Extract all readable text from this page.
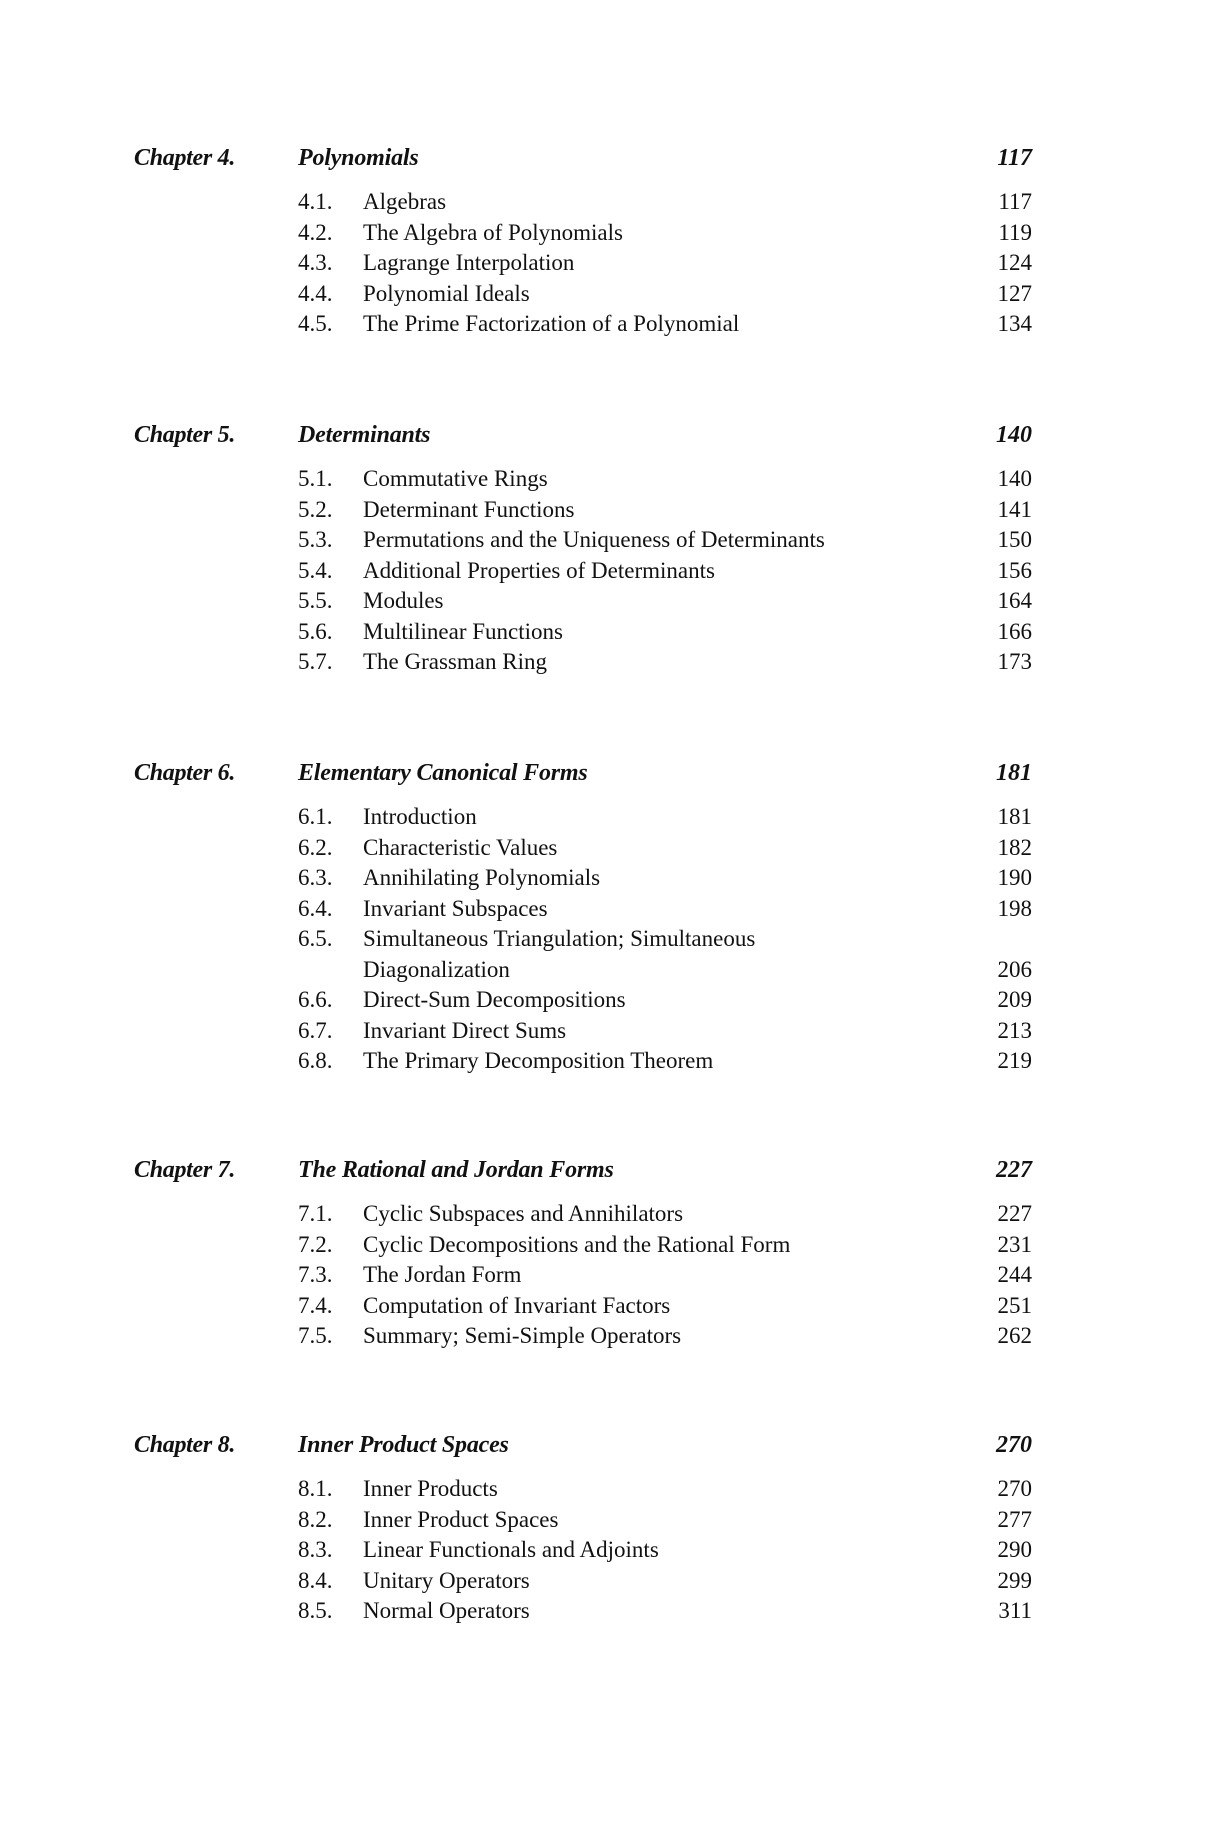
Chapter 4.	Polynomials	117
4.1. Algebras	117
4.2. The Algebra of Polynomials	119
4.3. Lagrange Interpolation	124
4.4. Polynomial Ideals	127
4.5. The Prime Factorization of a Polynomial	134
Chapter 5.	Determinants	140
5.1. Commutative Rings	140
5.2. Determinant Functions	141
5.3. Permutations and the Uniqueness of Determinants	150
5.4. Additional Properties of Determinants	156
5.5. Modules	164
5.6. Multilinear Functions	166
5.7. The Grassman Ring	173
Chapter 6.	Elementary Canonical Forms	181
6.1. Introduction	181
6.2. Characteristic Values	182
6.3. Annihilating Polynomials	190
6.4. Invariant Subspaces	198
6.5. Simultaneous Triangulation; Simultaneous
Diagonalization	206
6.6. Direct-Sum Decompositions	209
6.7. Invariant Direct Sums	213
6.8. The Primary Decomposition Theorem	219
Chapter 7.	The Rational and Jordan Forms	227
7.1. Cyclic Subspaces and Annihilators	227
7.2. Cyclic Decompositions and the Rational Form	231
7.3. The Jordan Form	244
7.4. Computation of Invariant Factors	251
7.5. Summary; Semi-Simple Operators	262
Chapter 8.	Inner Product Spaces	270
8.1. Inner Products	270
8.2. Inner Product Spaces	277
8.3. Linear Functionals and Adjoints	290
8.4. Unitary Operators	299
8.5. Normal Operators	311
